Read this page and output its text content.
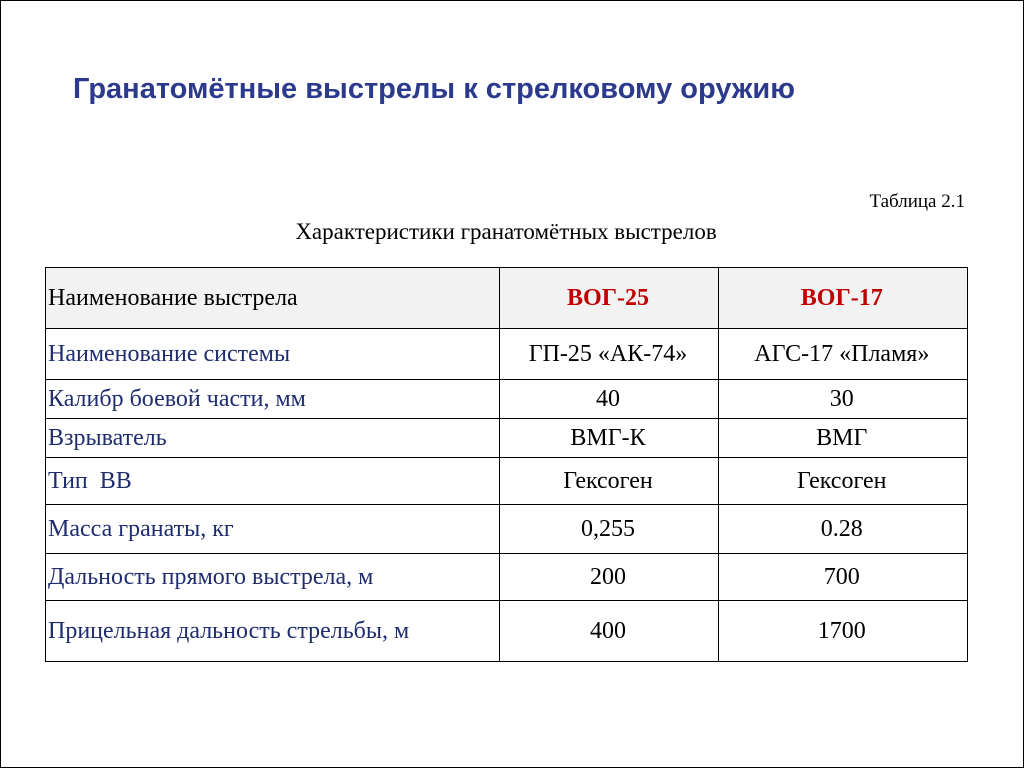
Гранатомётные выстрелы к стрелковому оружию
Таблица 2.1
Характеристики гранатомётных выстрелов
Наименование выстрела	ВОГ-25	ВОГ-17
Наименование системы	ГП-25 «АК-74»	АГС-17 «Пламя»
Калибр боевой части, мм	40	30
Взрыватель	ВМГ-К	ВМГ
Тип  ВВ	Гексоген	Гексоген
Масса гранаты, кг	0,255	0.28
Дальность прямого выстрела, м	200	700
Прицельная дальность стрельбы, м	400	1700
